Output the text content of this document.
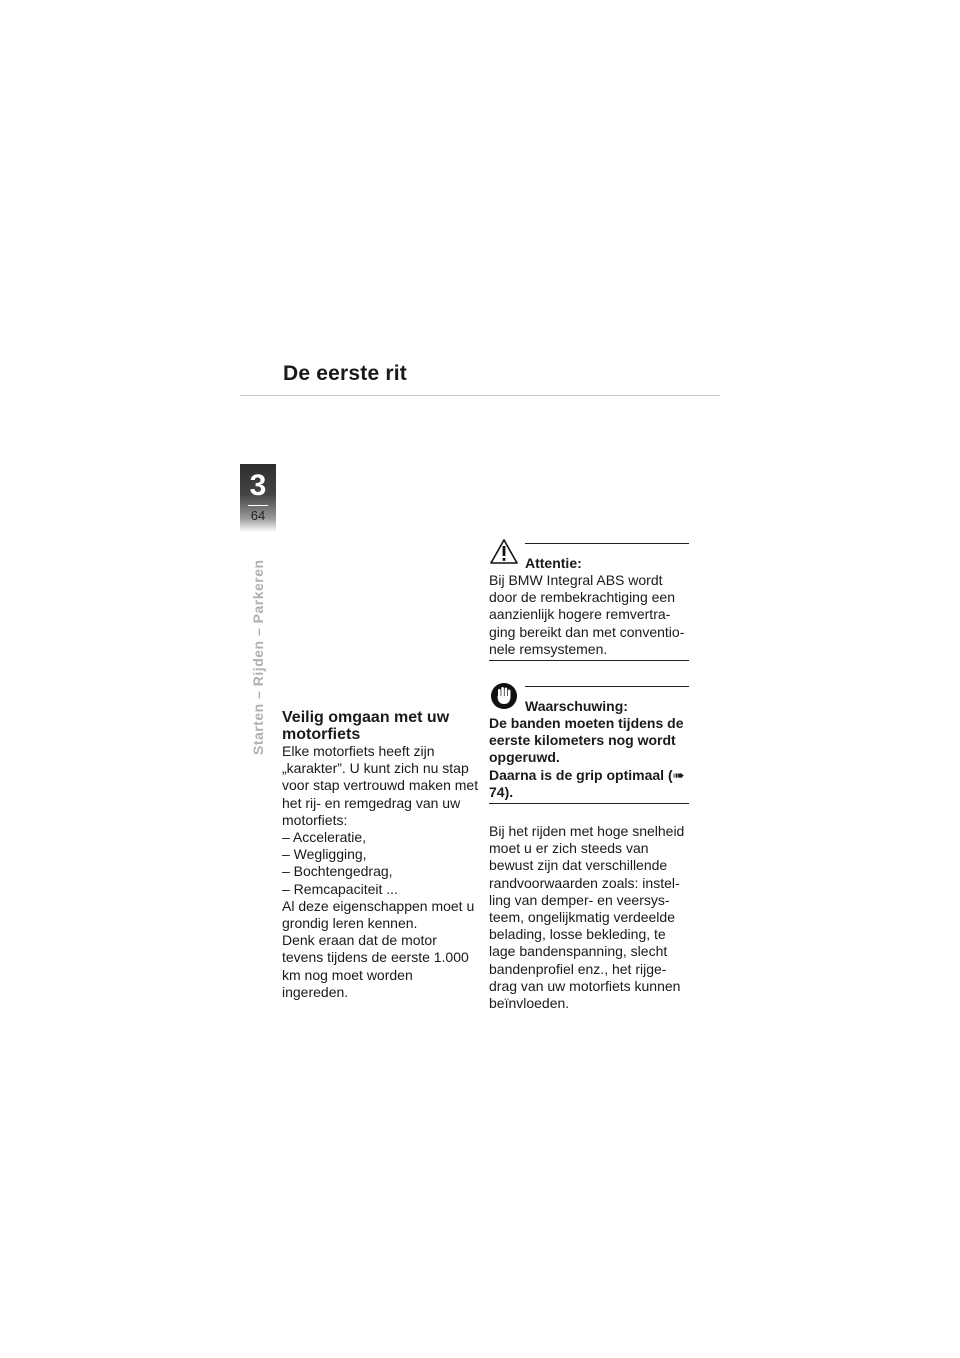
De eerste rit
3
64
Starten – Rijden – Parkeren Veilig omgaan met uw motorfiets

Elke motorfiets heeft zijn „karakter”. U kunt zich nu stap voor stap vertrouwd maken met het rij- en remgedrag van uw motorfiets:

– Acceleratie,

– Wegligging,

– Bochtengedrag,

– Remcapaciteit ...

Al deze eigenschappen moet u grondig leren kennen.

Denk eraan dat de motor tevens tijdens de eerste 1.000 km nog moet worden ingereden.

Attentie:
Bij BMW Integral ABS wordt door de rembekrachtiging een aanzienlijk hogere remvertraging bereikt dan met conventionele remsystemen.
Waarschuwing:

De banden moeten tijdens de eerste kilometers nog wordt opgeruwd.

Daarna is de grip optimaal (➠ 74).

Bij het rijden met hoge snelheid moet u er zich steeds van bewust zijn dat verschillende randvoorwaarden zoals: instelling van demper- en veersysteem, ongelijkmatig verdeelde belading, losse bekleding, te lage bandenspanning, slecht bandenprofiel enz., het rijgedrag van uw motorfiets kunnen beïnvloeden.
